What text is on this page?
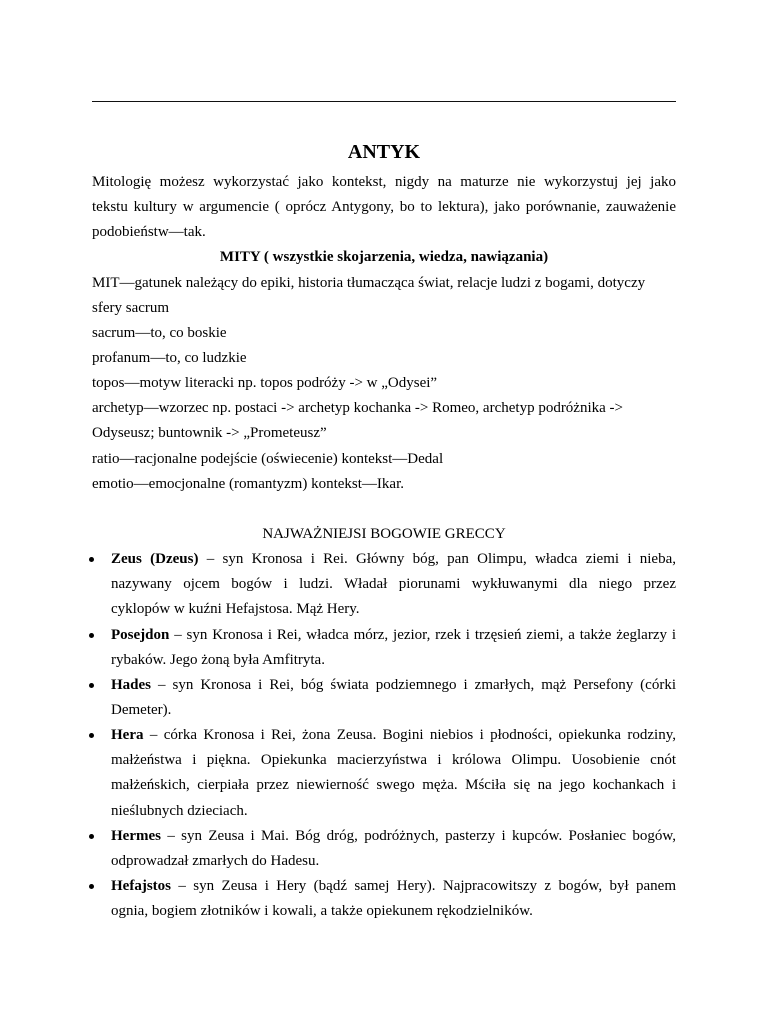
ANTYK
Mitologię możesz wykorzystać jako kontekst, nigdy na maturze nie wykorzystuj jej jako
tekstu kultury w argumencie ( oprócz Antygony, bo to lektura), jako porównanie, zauważenie
podobieństw—tak.
MITY ( wszystkie skojarzenia, wiedza, nawiązania)
MIT—gatunek należący do epiki, historia tłumacząca świat, relacje ludzi z bogami, dotyczy
sfery sacrum
sacrum—to, co boskie
profanum—to, co ludzkie
topos—motyw literacki np. topos podróży -> w „Odysei”
archetyp—wzorzec np. postaci -> archetyp kochanka -> Romeo, archetyp podróżnika ->
Odyseusz; buntownik -> „Prometeusz”
ratio—racjonalne podejście (oświecenie) kontekst—Dedal
emotio—emocjonalne (romantyzm) kontekst—Ikar.
NAJWAŻNIEJSI BOGOWIE GRECCY
Zeus (Dzeus) – syn Kronosa i Rei. Główny bóg, pan Olimpu, władca ziemi i nieba,
nazywany ojcem bogów i ludzi. Władał piorunami wykłuwanymi dla niego przez
cyklopów w kuźni Hefajstosa. Mąż Hery.
Posejdon – syn Kronosa i Rei, władca mórz, jezior, rzek i trzęsień ziemi, a także żeglarzy i
rybaków. Jego żoną była Amfitryta.
Hades – syn Kronosa i Rei, bóg świata podziemnego i zmarłych, mąż Persefony (córki
Demeter).
Hera – córka Kronosa i Rei, żona Zeusa. Bogini niebios i płodności, opiekunka rodziny,
małżeństwa i piękna. Opiekunka macierzyństwa i królowa Olimpu. Uosobienie cnót
małżeńskich, cierpiała przez niewierność swego męża. Mściła się na jego kochankach i
nieślubnych dzieciach.
Hermes – syn Zeusa i Mai. Bóg dróg, podróżnych, pasterzy i kupców. Posłaniec bogów,
odprowadzał zmarłych do Hadesu.
Hefajstos – syn Zeusa i Hery (bądź samej Hery). Najpracowitszy z bogów, był panem
ognia, bogiem złotników i kowali, a także opiekunem rękodzielników.
